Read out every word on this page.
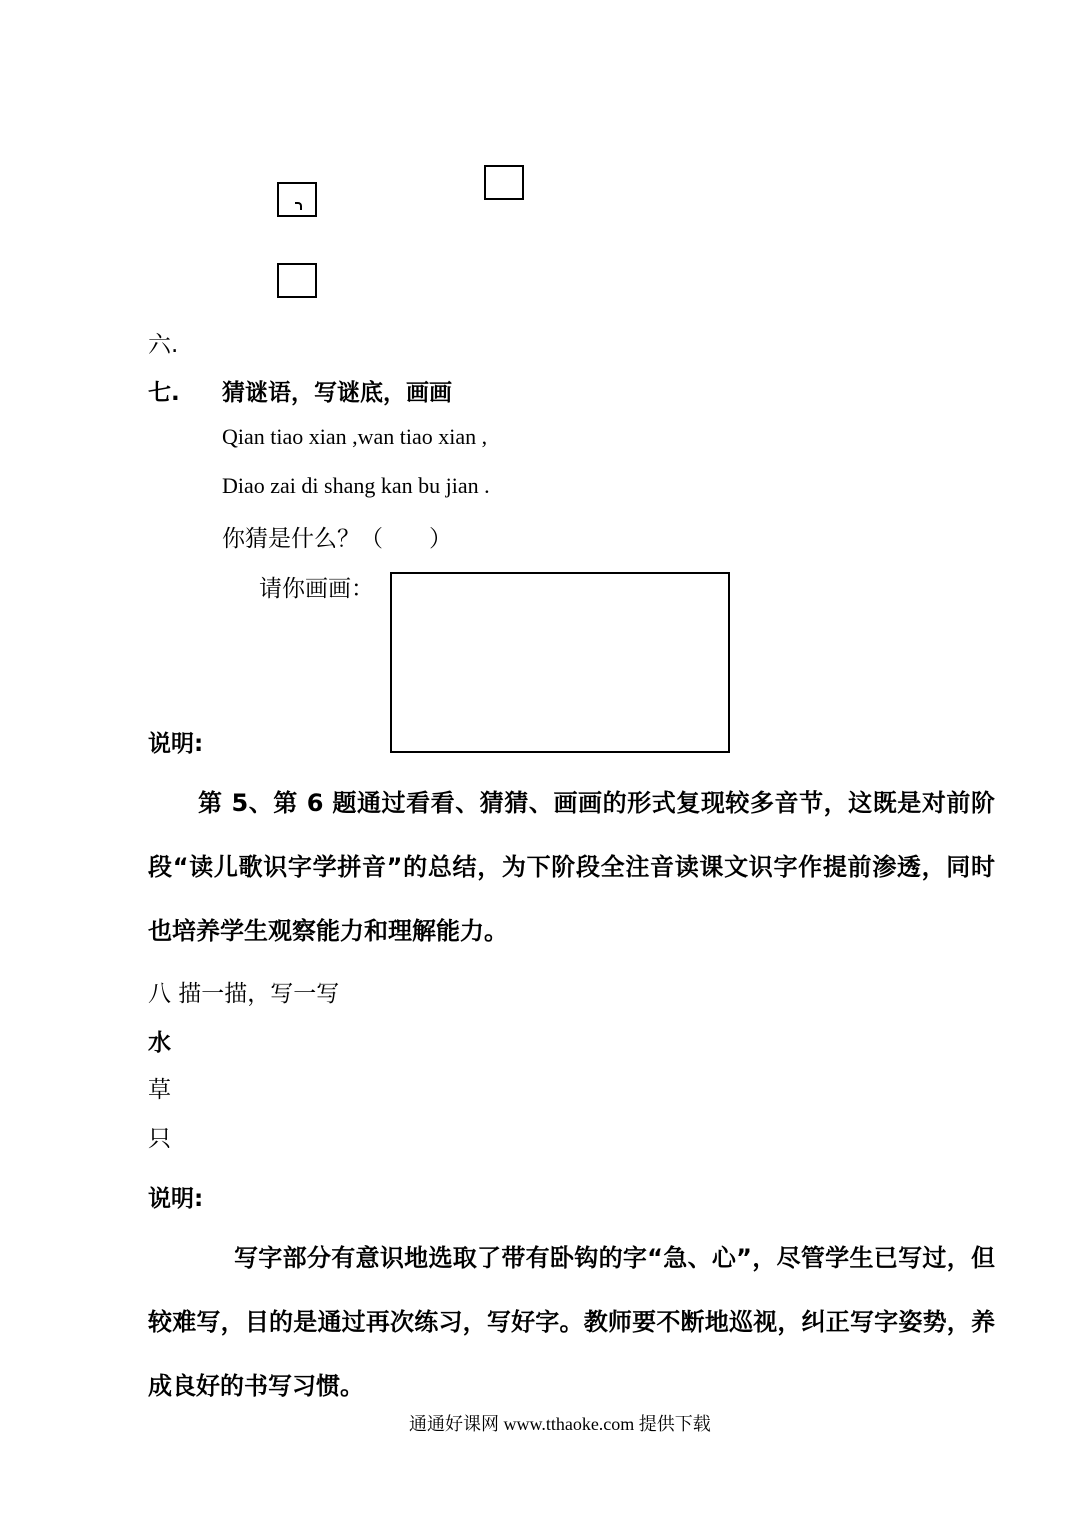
六.
七. 猜谜语，写谜底，画画
Qian tiao xian ,wan tiao xian ,
Diao zai di shang kan bu jian .
你猜是什么？（　　）
请你画画：
说明:
第 5、第 6 题通过看看、猜猜、画画的形式复现较多音节，这既是对前阶段“读儿歌识字学拼音”的总结，为下阶段全注音读课文识字作提前渗透，同时也培养学生观察能力和理解能力。
八 描一描，写一写
水
草
只
说明:
写字部分有意识地选取了带有卧钩的字“急、心”，尽管学生已写过，但较难写，目的是通过再次练习，写好字。教师要不断地巡视，纠正写字姿势，养成良好的书写习惯。
通通好课网 www.tthaoke.com 提供下载
